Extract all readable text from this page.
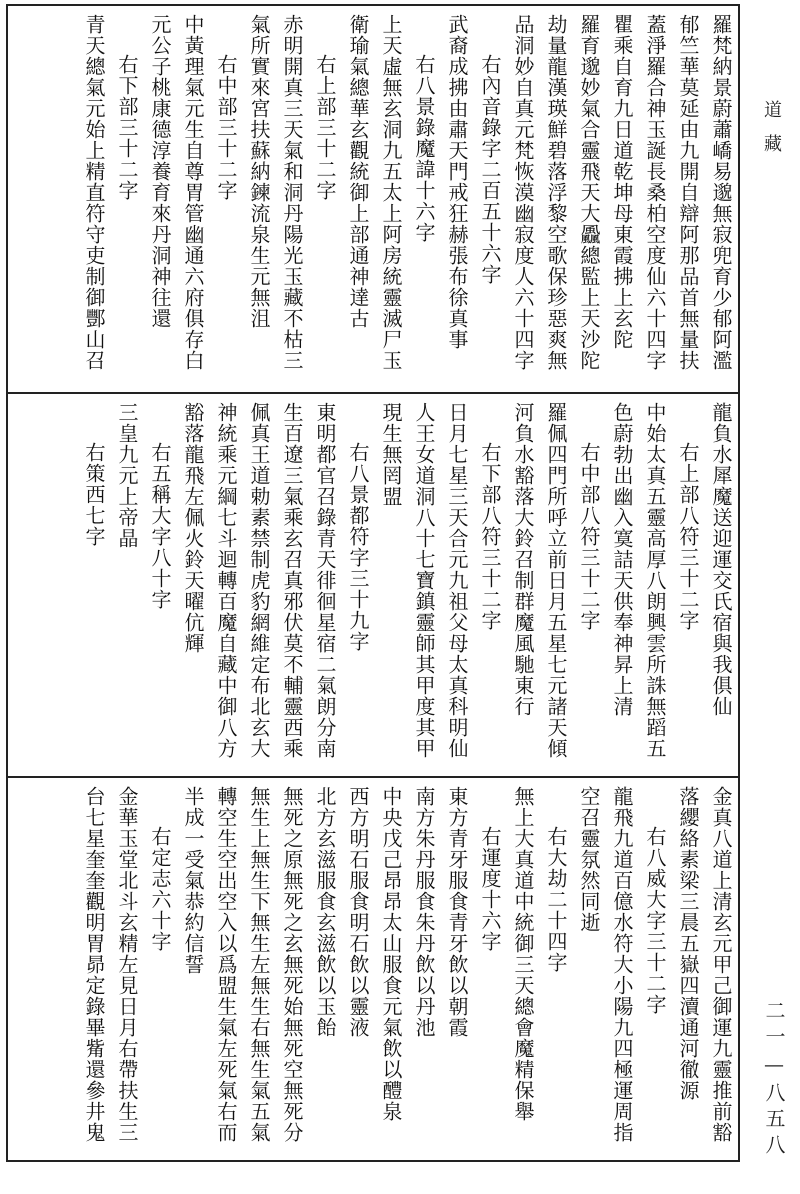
道藏
二一—八五八
羅梵納景蔚蕭嶠易邈無寂兜育少郁阿濫
郁竺華莫延由九開自辯阿那品首無量扶
蓋淨羅合神玉誕長桑柏空度仙六十四字
瞿乘自育九日道乾坤母東霞拂上玄陀
羅育邈妙氣合靈飛天大飍總監上天沙陀
劫量龍漢瑛鮮碧落浮黎空歌保珍惡爽無
品洞妙自真元梵恢漠幽寂度人六十四字
右內音錄字二百五十六字
武裔成拂由肅天門戒狂赫張布徐真事
右八景錄魔諱十六字
上天虛無玄洞九五太上阿房統靈滅尸玉
衛瑜氣總華玄觀統御上部通神達古
右上部三十二字
赤明開真三天氣和洞丹陽光玉藏不枯三
氣所實來宮扶蘇納鍊流泉生元無沮
右中部三十二字
中黃理氣元生自尊胃管幽通六府俱存白
元公子桃康德淳養育來丹洞神往還
右下部三十二字
青天總氣元始上精直符守吏制御酆山召
龍負水犀魔送迎運交氏宿與我俱仙
右上部八符三十二字
中始太真五靈高厚八朗興雲所誅無蹈五
色蔚勃出幽入寞詰天供奉神昇上清
右中部八符三十二字
羅佩四門所呼立前日月五星七元諸天傾
河負水豁落大鈴召制群魔風馳東行
右下部八符三十二字
日月七星三天合元九祖父母太真科明仙
人王女道洞八十七寶鎮靈師其甲度其甲
現生無罔盟
右八景都符字三十九字
東明都官召錄青天徘徊星宿二氣朗分南
生百遼三氣乘玄召真邪伏莫不輔靈西乘
佩真王道勅素禁制虎豹網維定布北玄大
神統乘元綱七斗迴轉百魔自藏中御八方
豁落龍飛左佩火鈴天曜伉輝
右五稱大字八十字
三皇九元上帝晶
右策西七字
金真八道上清玄元甲己御運九靈推前豁
落纓絡素梁三晨五嶽四瀆通河徹源
右八威大字三十二字
龍飛九道百億水符大小陽九四極運周指
空召靈氛然同逝
右大劫二十四字
無上大真道中統御三天總會魔精保舉
右運度十六字
東方青牙服食青牙飲以朝霞
南方朱丹服食朱丹飲以丹池
中央戊己昂昂太山服食元氣飲以醴泉
西方明石服食明石飲以靈液
北方玄滋服食玄滋飲以玉飴
無死之原無死之玄無死始無死空無死分
無生上無生下無生左無生右無生氣五氣
轉空生空出空入以爲盟生氣左死氣右而
半成一受氣恭約信誓
右定志六十字
金華玉堂北斗玄精左見日月右帶扶生三
台七星奎奎觀明胃昴定錄畢觜還參井鬼
